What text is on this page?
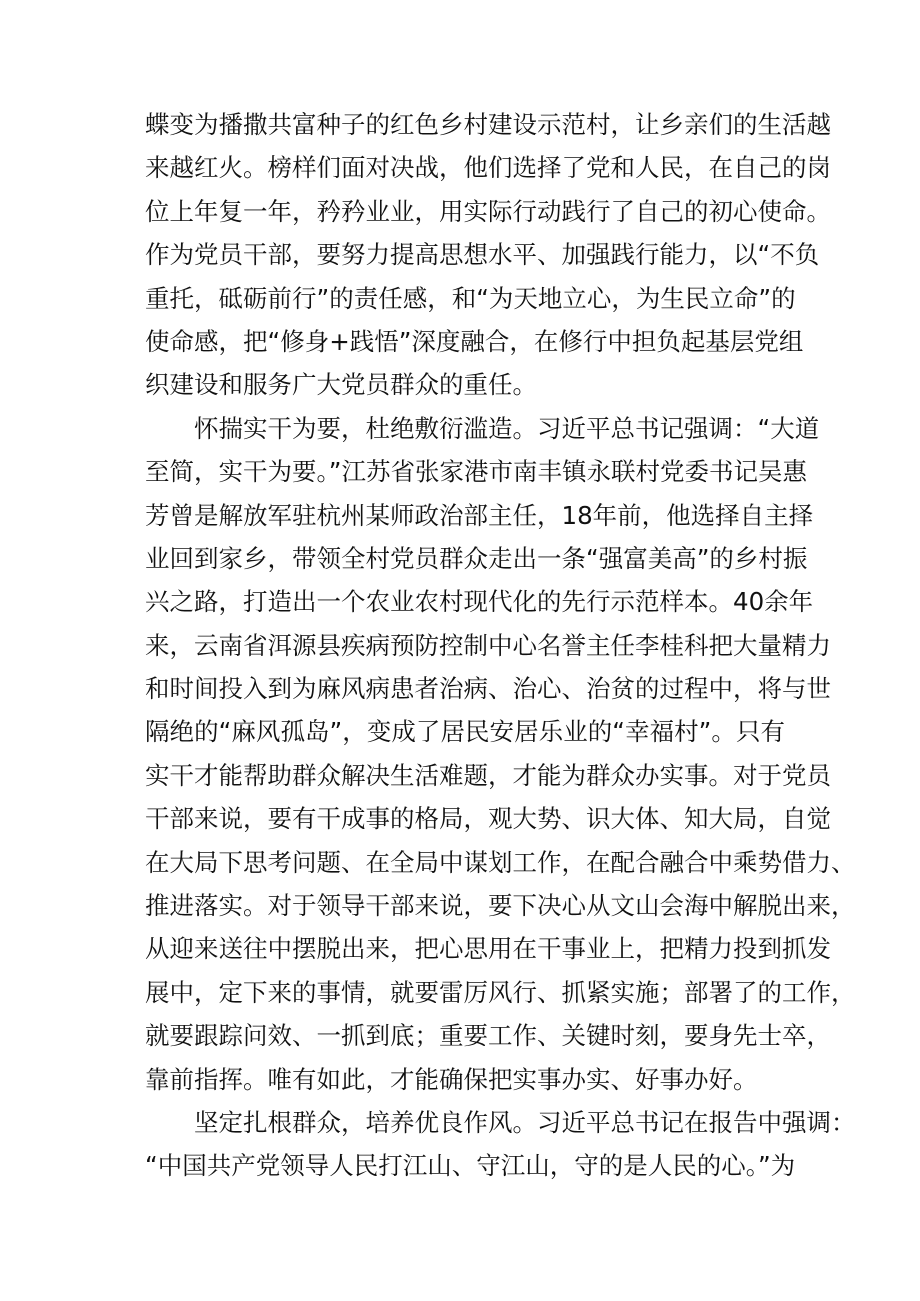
蝶变为播撒共富种子的红色乡村建设示范村，让乡亲们的生活越
来越红火。榜样们面对决战，他们选择了党和人民，在自己的岗
位上年复一年，矜矜业业，用实际行动践行了自己的初心使命。
作为党员干部，要努力提高思想水平、加强践行能力，以“不负
重托，砥砺前行”的责任感，和“为天地立心，为生民立命”的
使命感，把“修身+践悟”深度融合，在修行中担负起基层党组
织建设和服务广大党员群众的重任。
怀揣实干为要，杜绝敷衍滥造。习近平总书记强调：“大道
至简，实干为要。”江苏省张家港市南丰镇永联村党委书记吴惠
芳曾是解放军驻杭州某师政治部主任，18年前，他选择自主择
业回到家乡，带领全村党员群众走出一条“强富美高”的乡村振
兴之路，打造出一个农业农村现代化的先行示范样本。40余年
来，云南省洱源县疾病预防控制中心名誉主任李桂科把大量精力
和时间投入到为麻风病患者治病、治心、治贫的过程中，将与世
隔绝的“麻风孤岛”，变成了居民安居乐业的“幸福村”。只有
实干才能帮助群众解决生活难题，才能为群众办实事。对于党员
干部来说，要有干成事的格局，观大势、识大体、知大局，自觉
在大局下思考问题、在全局中谋划工作，在配合融合中乘势借力、
推进落实。对于领导干部来说，要下决心从文山会海中解脱出来，
从迎来送往中摆脱出来，把心思用在干事业上，把精力投到抓发
展中，定下来的事情，就要雷厉风行、抓紧实施；部署了的工作，
就要跟踪问效、一抓到底；重要工作、关键时刻，要身先士卒，
靠前指挥。唯有如此，才能确保把实事办实、好事办好。
坚定扎根群众，培养优良作风。习近平总书记在报告中强调：
“中国共产党领导人民打江山、守江山，守的是人民的心。”为
